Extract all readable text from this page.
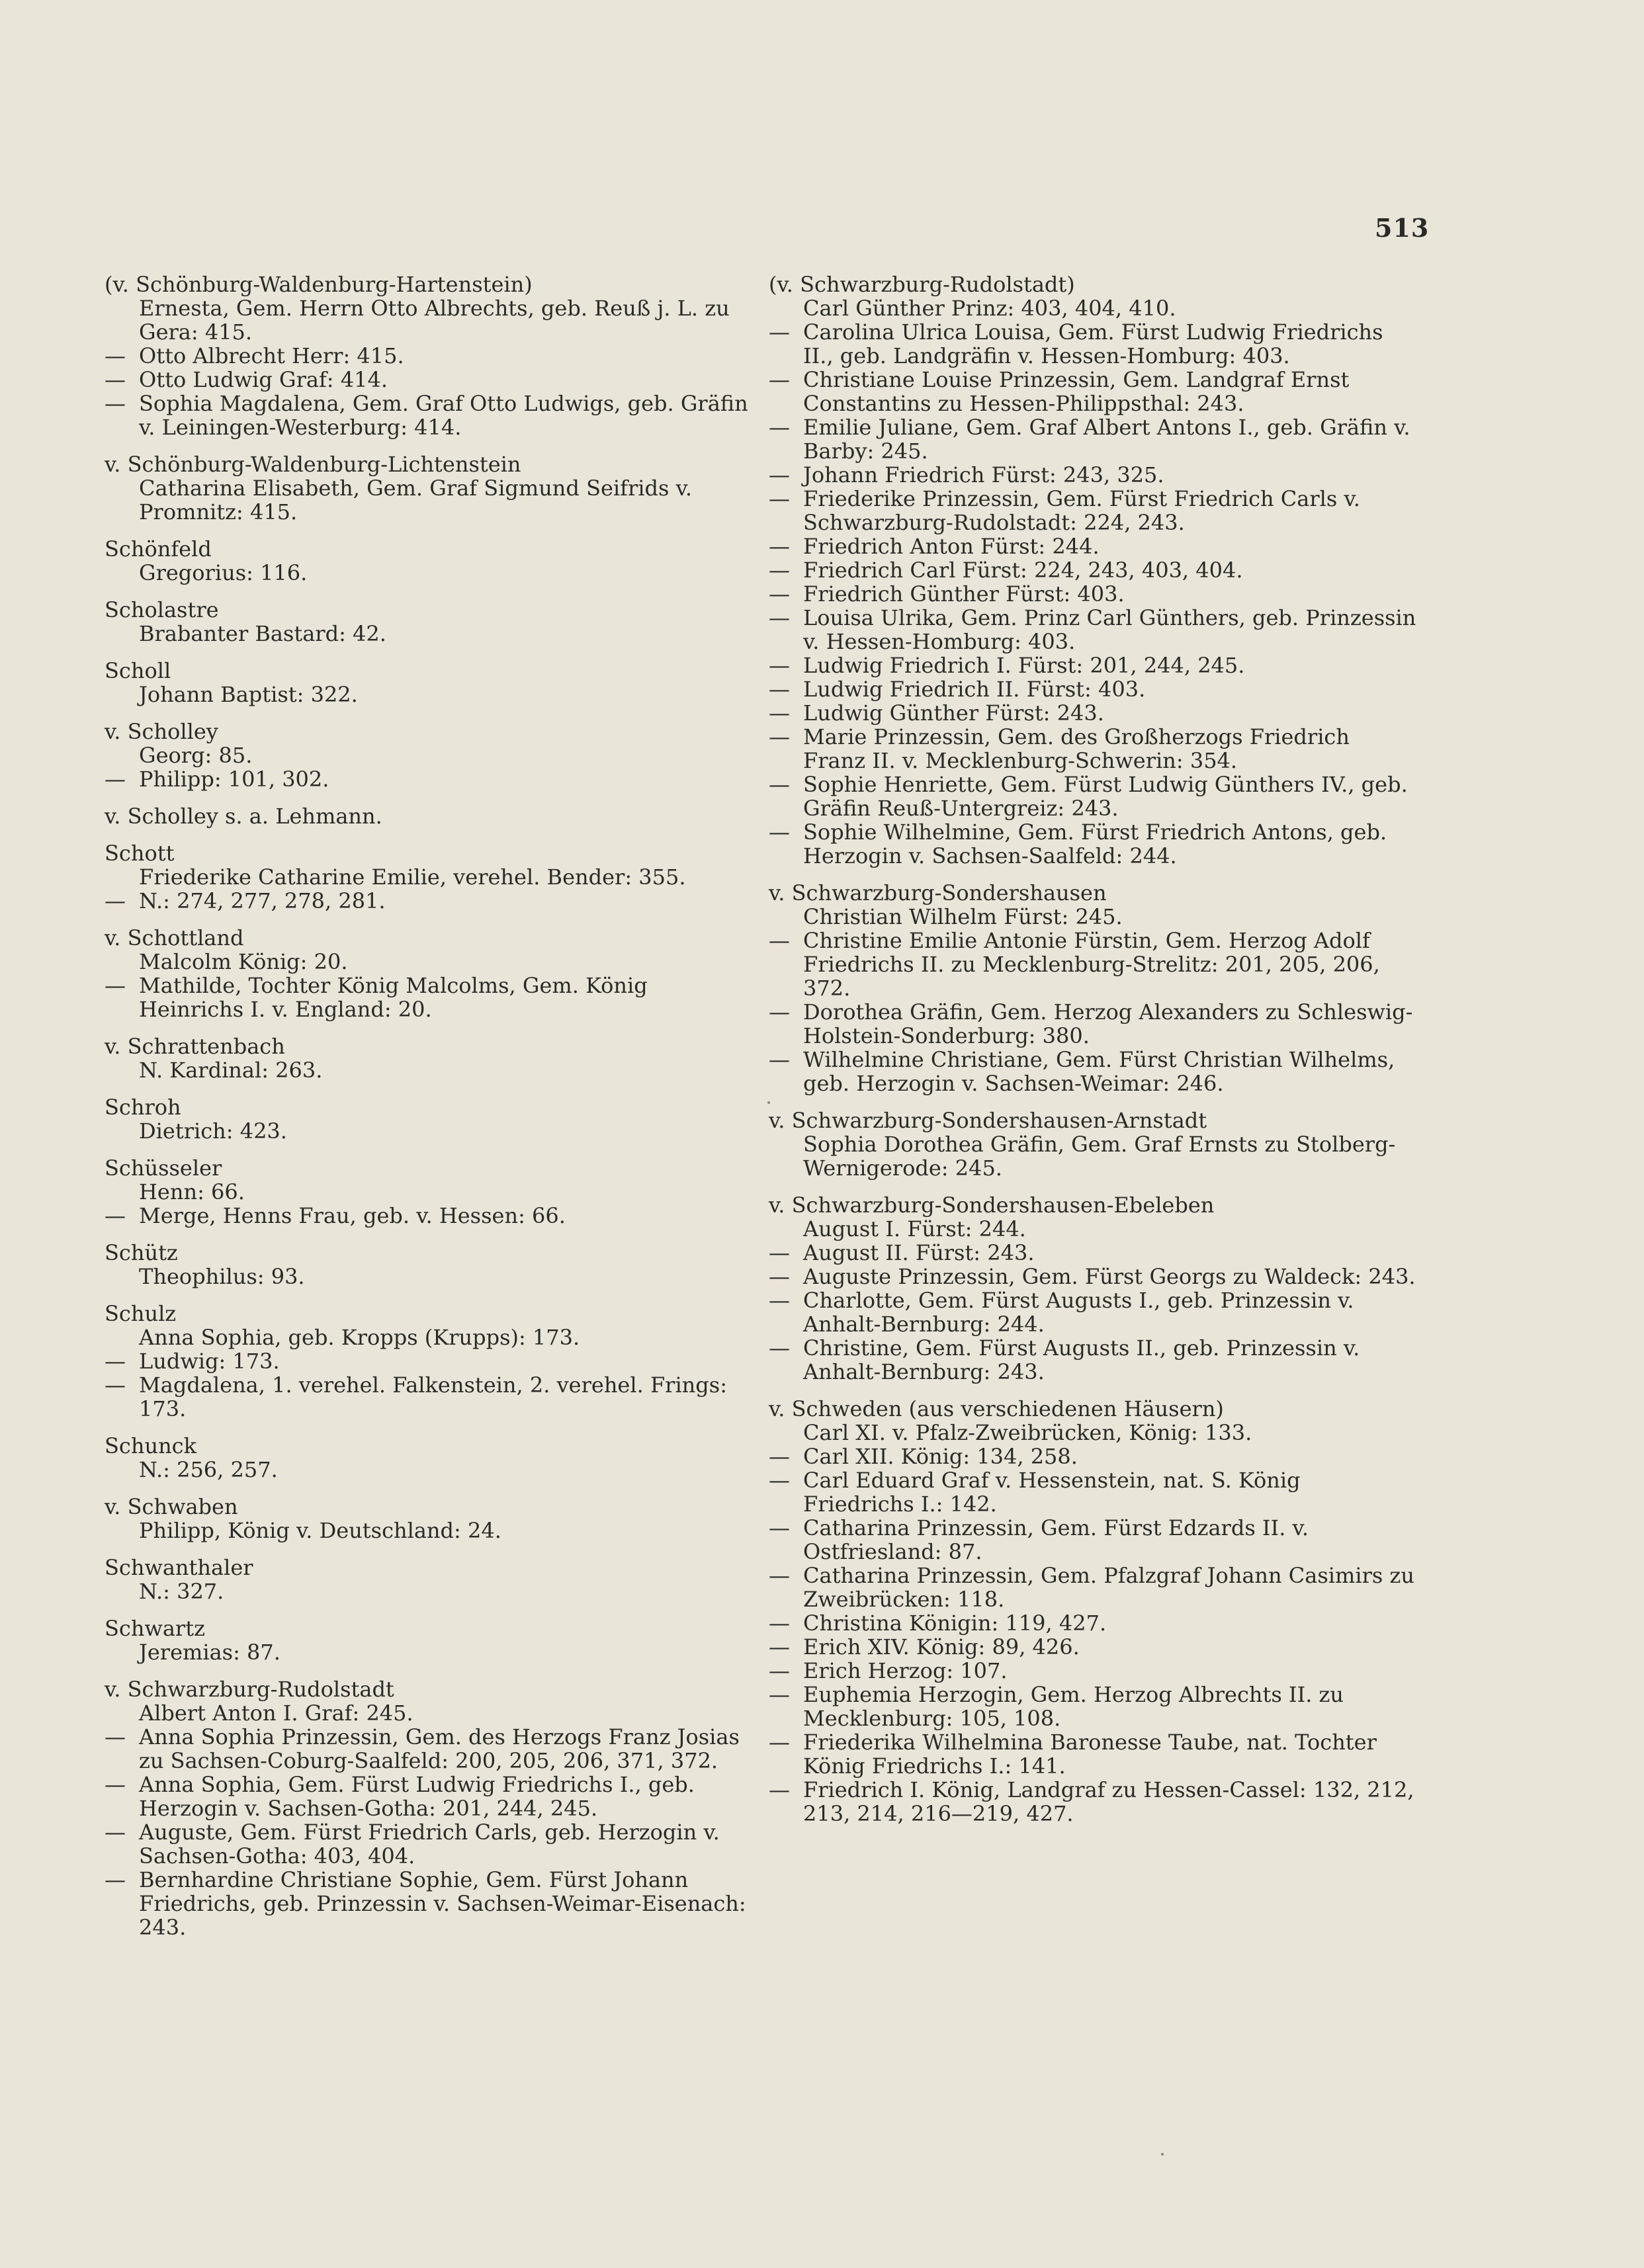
513
(v. Schönburg-Waldenburg-Hartenstein)
Ernesta, Gem. Herrn Otto Albrechts, geb. Reuß j. L. zu Gera: 415.
— Otto Albrecht Herr: 415.
— Otto Ludwig Graf: 414.
— Sophia Magdalena, Gem. Graf Otto Ludwigs, geb. Gräfin v. Leiningen-Westerburg: 414.
v. Schönburg-Waldenburg-Lichtenstein
Catharina Elisabeth, Gem. Graf Sigmund Seifrids v. Promnitz: 415.
Schönfeld
Gregorius: 116.
Scholastre
Brabanter Bastard: 42.
Scholl
Johann Baptist: 322.
v. Scholley
Georg: 85.
— Philipp: 101, 302.
v. Scholley s. a. Lehmann.
Schott
Friederike Catharine Emilie, verehel. Bender: 355.
— N.: 274, 277, 278, 281.
v. Schottland
Malcolm König: 20.
— Mathilde, Tochter König Malcolms, Gem. König Heinrichs I. v. England: 20.
v. Schrattenbach
N. Kardinal: 263.
Schroh
Dietrich: 423.
Schüsseler
Henn: 66.
— Merge, Henns Frau, geb. v. Hessen: 66.
Schütz
Theophilus: 93.
Schulz
Anna Sophia, geb. Kropps (Krupps): 173.
— Ludwig: 173.
— Magdalena, 1. verehel. Falkenstein, 2. verehel. Frings: 173.
Schunck
N.: 256, 257.
v. Schwaben
Philipp, König v. Deutschland: 24.
Schwanthaler
N.: 327.
Schwartz
Jeremias: 87.
v. Schwarzburg-Rudolstadt
Albert Anton I. Graf: 245.
— Anna Sophia Prinzessin, Gem. des Herzogs Franz Josias zu Sachsen-Coburg-Saalfeld: 200, 205, 206, 371, 372.
— Anna Sophia, Gem. Fürst Ludwig Friedrichs I., geb. Herzogin v. Sachsen-Gotha: 201, 244, 245.
— Auguste, Gem. Fürst Friedrich Carls, geb. Herzogin v. Sachsen-Gotha: 403, 404.
— Bernhardine Christiane Sophie, Gem. Fürst Johann Friedrichs, geb. Prinzessin v. Sachsen-Weimar-Eisenach: 243.
(v. Schwarzburg-Rudolstadt)
Carl Günther Prinz: 403, 404, 410.
— Carolina Ulrica Louisa, Gem. Fürst Ludwig Friedrichs II., geb. Landgräfin v. Hessen-Homburg: 403.
— Christiane Louise Prinzessin, Gem. Landgraf Ernst Constantins zu Hessen-Philippsthal: 243.
— Emilie Juliane, Gem. Graf Albert Antons I., geb. Gräfin v. Barby: 245.
— Johann Friedrich Fürst: 243, 325.
— Friederike Prinzessin, Gem. Fürst Friedrich Carls v. Schwarzburg-Rudolstadt: 224, 243.
— Friedrich Anton Fürst: 244.
— Friedrich Carl Fürst: 224, 243, 403, 404.
— Friedrich Günther Fürst: 403.
— Louisa Ulrika, Gem. Prinz Carl Günthers, geb. Prinzessin v. Hessen-Homburg: 403.
— Ludwig Friedrich I. Fürst: 201, 244, 245.
— Ludwig Friedrich II. Fürst: 403.
— Ludwig Günther Fürst: 243.
— Marie Prinzessin, Gem. des Großherzogs Friedrich Franz II. v. Mecklenburg-Schwerin: 354.
— Sophie Henriette, Gem. Fürst Ludwig Günthers IV., geb. Gräfin Reuß-Untergreiz: 243.
— Sophie Wilhelmine, Gem. Fürst Friedrich Antons, geb. Herzogin v. Sachsen-Saalfeld: 244.
v. Schwarzburg-Sondershausen
Christian Wilhelm Fürst: 245.
— Christine Emilie Antonie Fürstin, Gem. Herzog Adolf Friedrichs II. zu Mecklenburg-Strelitz: 201, 205, 206, 372.
— Dorothea Gräfin, Gem. Herzog Alexanders zu Schleswig-Holstein-Sonderburg: 380.
— Wilhelmine Christiane, Gem. Fürst Christian Wilhelms, geb. Herzogin v. Sachsen-Weimar: 246.
v. Schwarzburg-Sondershausen-Arnstadt
Sophia Dorothea Gräfin, Gem. Graf Ernsts zu Stolberg-Wernigerode: 245.
v. Schwarzburg-Sondershausen-Ebeleben
August I. Fürst: 244.
— August II. Fürst: 243.
— Auguste Prinzessin, Gem. Fürst Georgs zu Waldeck: 243.
— Charlotte, Gem. Fürst Augusts I., geb. Prinzessin v. Anhalt-Bernburg: 244.
— Christine, Gem. Fürst Augusts II., geb. Prinzessin v. Anhalt-Bernburg: 243.
v. Schweden (aus verschiedenen Häusern)
Carl XI. v. Pfalz-Zweibrücken, König: 133.
— Carl XII. König: 134, 258.
— Carl Eduard Graf v. Hessenstein, nat. S. König Friedrichs I.: 142.
— Catharina Prinzessin, Gem. Fürst Edzards II. v. Ostfriesland: 87.
— Catharina Prinzessin, Gem. Pfalzgraf Johann Casimirs zu Zweibrücken: 118.
— Christina Königin: 119, 427.
— Erich XIV. König: 89, 426.
— Erich Herzog: 107.
— Euphemia Herzogin, Gem. Herzog Albrechts II. zu Mecklenburg: 105, 108.
— Friederika Wilhelmina Baronesse Taube, nat. Tochter König Friedrichs I.: 141.
— Friedrich I. König, Landgraf zu Hessen-Cassel: 132, 212, 213, 214, 216—219, 427.
